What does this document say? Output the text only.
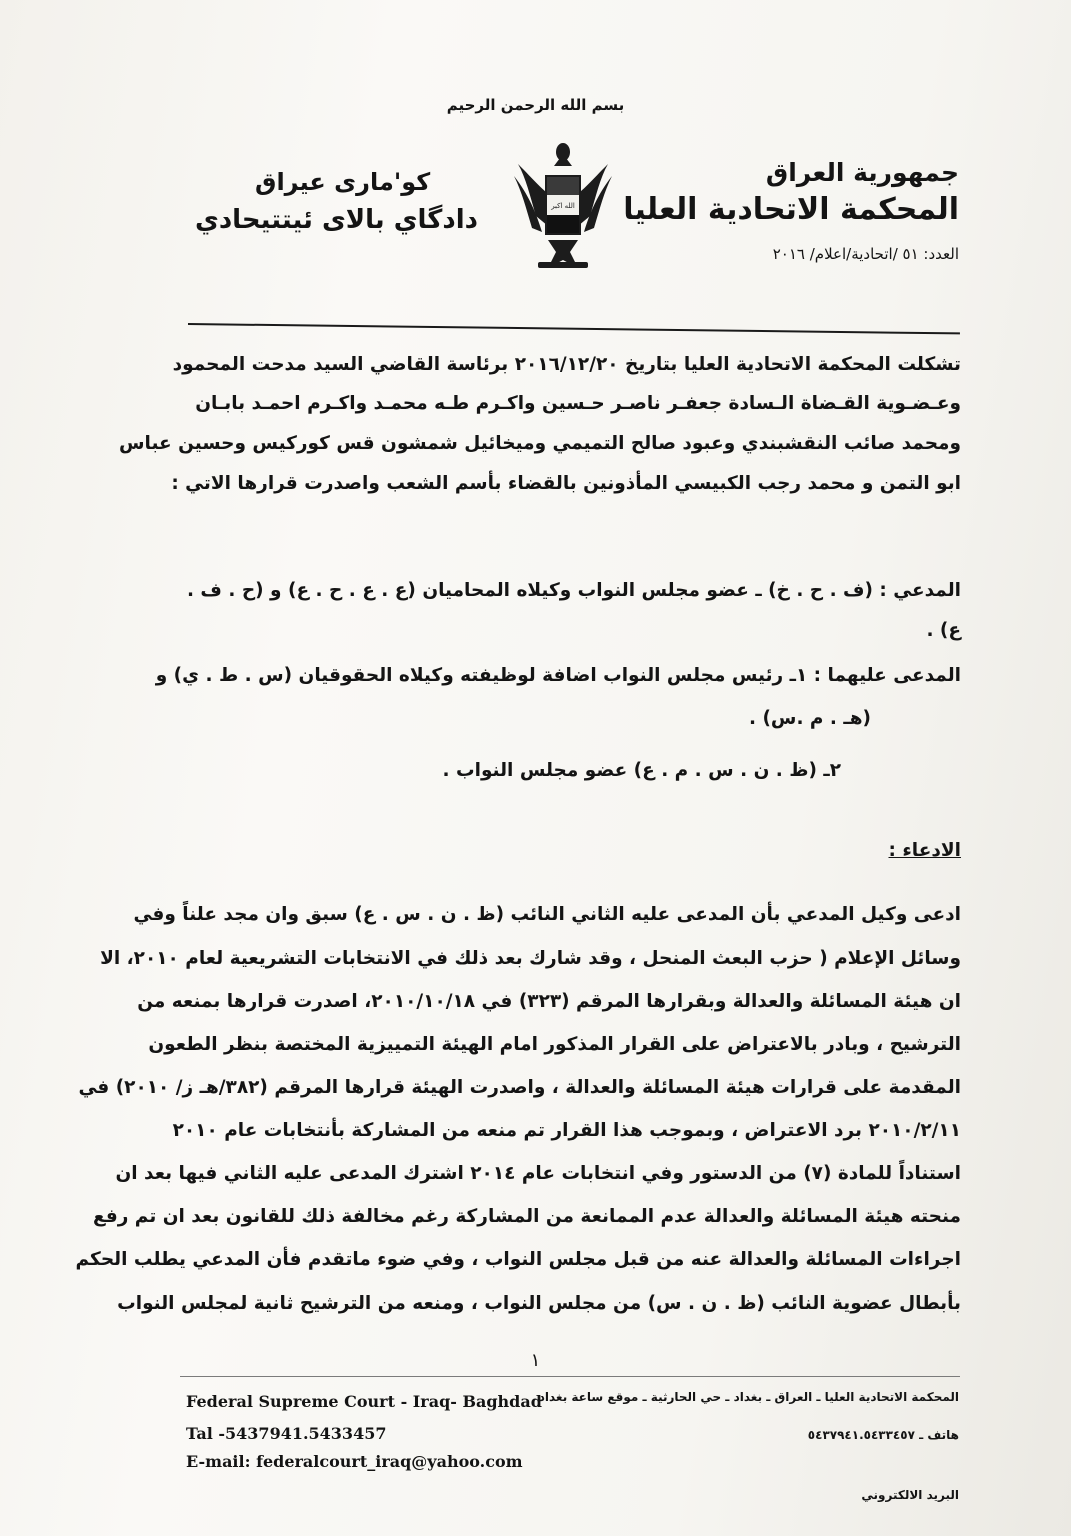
بسم الله الرحمن الرحيم
جمهورية العراق
المحكمة الاتحادية العليا
العدد: ٥١ /اتحادية/اعلام/ ٢٠١٦
كو'مارى عيراق
دادگاي بالاى ئيتتيحادي	الله اكبر
تشكلت المحكمة الاتحادية العليا بتاريخ ٢٠١٦/١٢/٢٠ برئاسة القاضي السيد مدحت المحمود
وعـضـوية القـضاة الـسادة جعفـر ناصـر حـسين واكـرم طـه محمـد واكـرم احمـد بابـان
ومحمد صائب النقشبندي وعبود صالح التميمي وميخائيل شمشون قس كوركيس وحسين عباس
ابو التمن و محمد رجب الكبيسي المأذونين بالقضاء بأسم الشعب واصدرت قرارها الاتي :
المدعي : (ف . ح . خ) ـ عضو مجلس النواب وكيلاه المحاميان (ع . ع . ح . ع) و (ح . ف .
ع) .
المدعى عليهما : ١ـ رئيس مجلس النواب اضافة لوظيفته وكيلاه الحقوقيان (س . ط . ي) و
(هـ . م .س) .
٢ـ (ظ . ن . س . م . ع) عضو مجلس النواب .
الادعاء :
ادعى وكيل المدعي بأن المدعى عليه الثاني النائب (ظ . ن . س . ع) سبق وان مجد علناً وفي
وسائل الإعلام ( حزب البعث المنحل ، وقد شارك بعد ذلك في الانتخابات التشريعية لعام ٢٠١٠، الا
ان هيئة المسائلة والعدالة وبقرارها المرقم (٣٢٣) في ٢٠١٠/١٠/١٨، اصدرت قرارها بمنعه من
الترشيح ، وبادر بالاعتراض على القرار المذكور امام الهيئة التمييزية المختصة بنظر الطعون
المقدمة على قرارات هيئة المسائلة والعدالة ، واصدرت الهيئة قرارها المرقم (٣٨٢/هـ ز/ ٢٠١٠) في
٢٠١٠/٢/١١ برد الاعتراض ، وبموجب هذا القرار تم منعه من المشاركة بأنتخابات عام ٢٠١٠
استناداً للمادة (٧) من الدستور وفي انتخابات عام ٢٠١٤ اشترك المدعى عليه الثاني فيها بعد ان
منحته هيئة المسائلة والعدالة عدم الممانعة من المشاركة رغم مخالفة ذلك للقانون بعد ان تم رفع
اجراءات المسائلة والعدالة عنه من قبل مجلس النواب ، وفي ضوء ماتقدم فأن المدعي يطلب الحكم
بأبطال عضوية النائب (ظ . ن . س) من مجلس النواب ، ومنعه من الترشيح ثانية لمجلس النواب
١
Federal Supreme Court - Iraq- Baghdad
Tal -5437941.5433457
E-mail: federalcourt_iraq@yahoo.com
المحكمة الاتحادية العليا ـ العراق ـ بغداد ـ حي الحارثية ـ موقع ساعة بغداد
هاتف ـ ٥٤٣٧٩٤١.٥٤٣٣٤٥٧
البريد الالكتروني
